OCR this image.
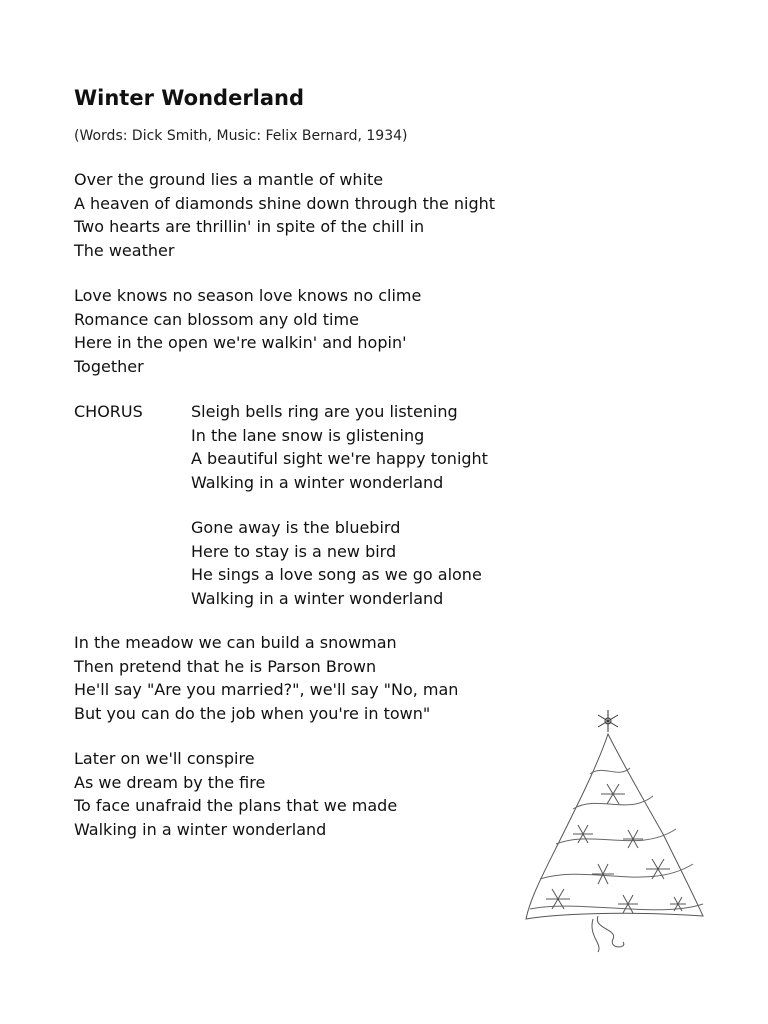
Winter Wonderland
(Words: Dick Smith, Music: Felix Bernard, 1934)
Over the ground lies a mantle of white
A heaven of diamonds shine down through the night
Two hearts are thrillin' in spite of the chill in
The weather
Love knows no season love knows no clime
Romance can blossom any old time
Here in the open we're walkin' and hopin'
Together
CHORUS	Sleigh bells ring are you listening
In the lane snow is glistening
A beautiful sight we're happy tonight
Walking in a winter wonderland
Gone away is the bluebird
Here to stay is a new bird
He sings a love song as we go alone
Walking in a winter wonderland
In the meadow we can build a snowman
Then pretend that he is Parson Brown
He'll say "Are you married?", we'll say "No, man
But you can do the job when you're in town"
Later on we'll conspire
As we dream by the fire
To face unafraid the plans that we made
Walking in a winter wonderland
